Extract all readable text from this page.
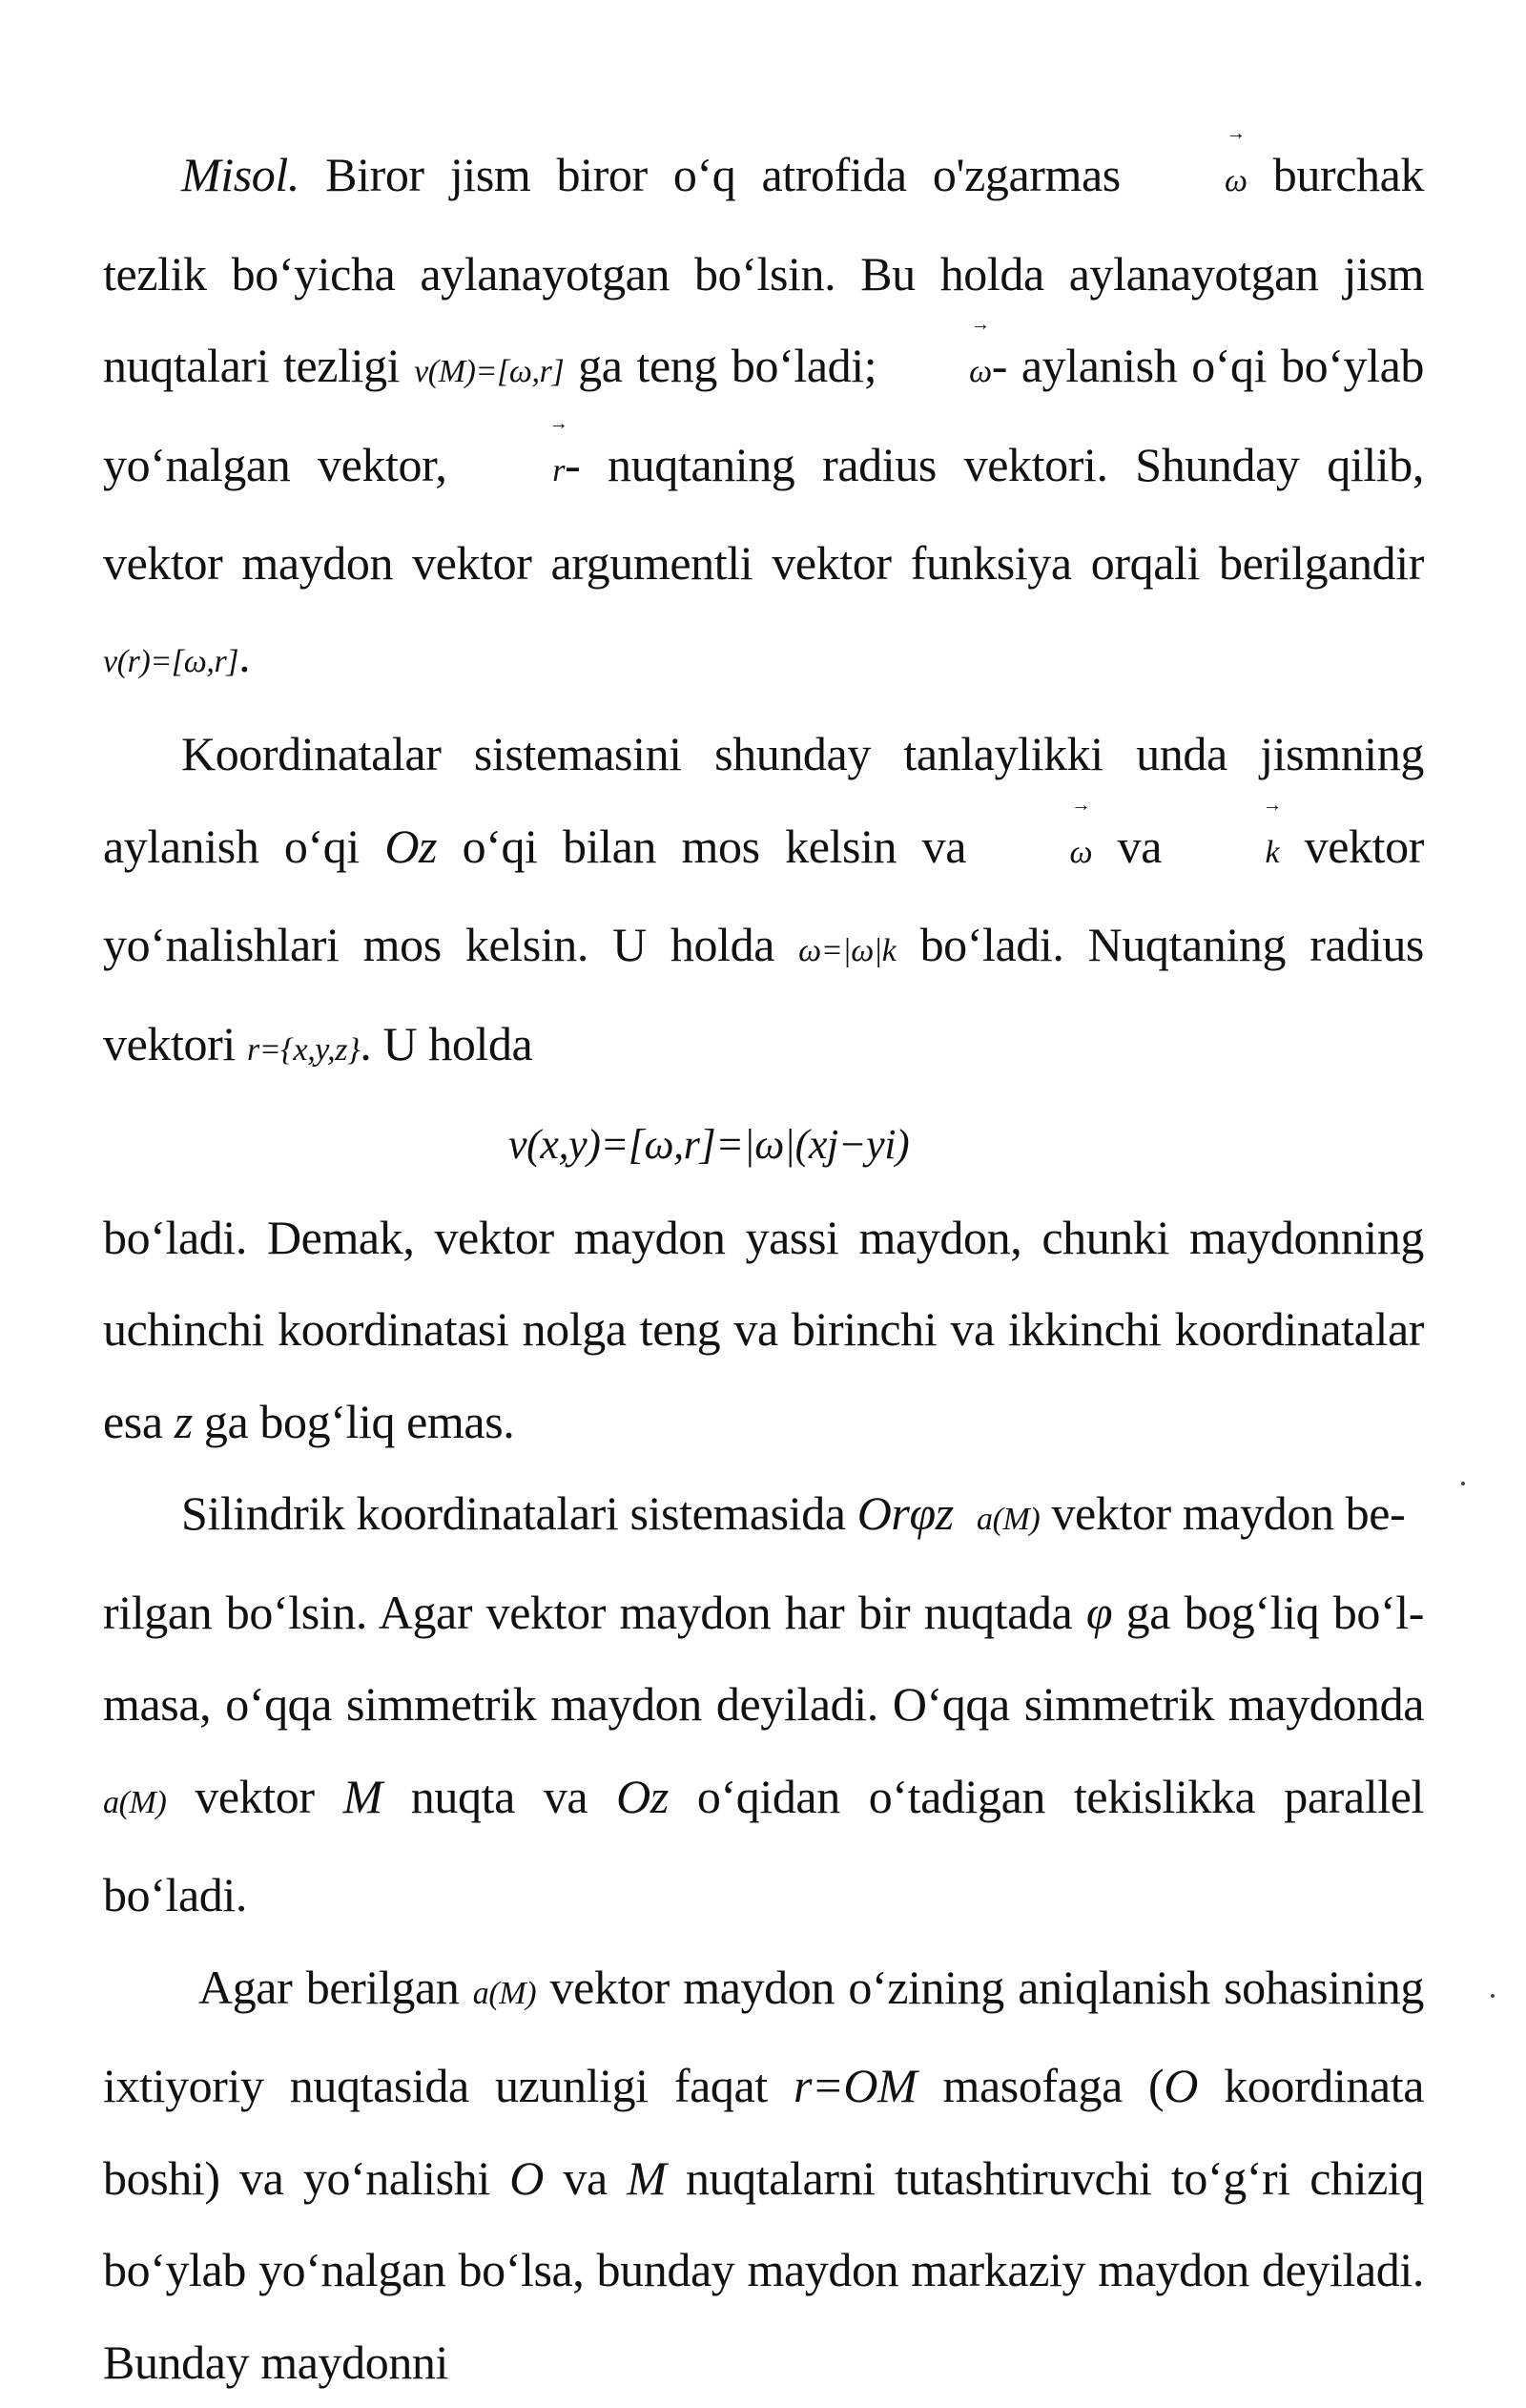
Misol. Biror jism biror o‘q atrofida o'zgarmas → ω burchak tezlik bo‘yicha aylanayotgan bo‘lsin. Bu holda aylanayotgan jism nuqtalari tezligi v(M)=[ω,r] ga teng bo‘ladi; → ω- aylanish o‘qi bo‘ylab yo‘nalgan vektor, → r- nuqtaning radius vektori. Shunday qilib, vektor maydon vektor argumentli vektor funksiya orqali berilgandir v(r)=[ω,r].

Koordinatalar sistemasini shunday tanlaylikki unda jismning aylanish o‘qi Oz o‘qi bilan mos kelsin va → ω va → k vektor yo‘nalishlari mos kelsin. U holda ω=|ω|k bo‘ladi. Nuqtaning radius vektori r={x,y,z}. U holda

v(x,y)=[ω,r]=|ω|(xj−yi)

bo‘ladi. Demak, vektor maydon yassi maydon, chunki maydonning uchinchi koordinatasi nolga teng va birinchi va ikkinchi koordinatalar esa z ga bog‘liq emas.

Silindrik koordinatalari sistemasida Orφz a(M) vektor maydon be-
rilgan bo‘lsin. Agar vektor maydon har bir nuqtada φ ga bog‘liq bo‘l- masa, o‘qqa simmetrik maydon deyiladi. O‘qqa simmetrik maydonda a(M) vektor M nuqta va Oz o‘qidan o‘tadigan tekislikka parallel bo‘ladi.

Agar berilgan a(M) vektor maydon o‘zining aniqlanish sohasining ixtiyoriy nuqtasida uzunligi faqat r=OM masofaga (O koordinata boshi) va yo‘nalishi O va M nuqtalarni tutashtiruvchi to‘g‘ri chiziq bo‘ylab yo‘nalgan bo‘lsa, bunday maydon markaziy maydon deyiladi. Bunday maydonni
